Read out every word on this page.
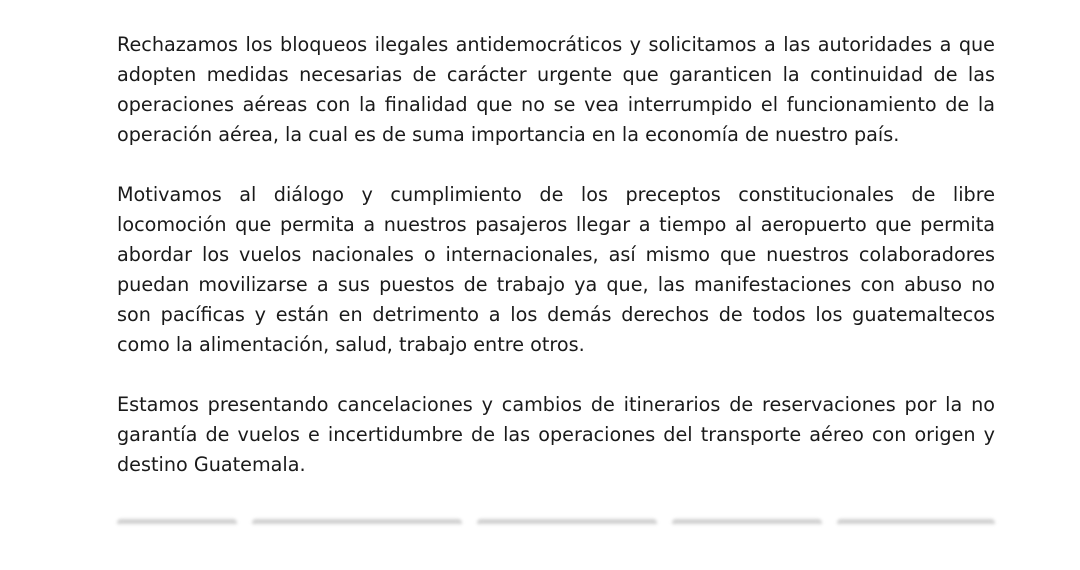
Rechazamos los bloqueos ilegales antidemocráticos y solicitamos a las autoridades a que adopten medidas necesarias de carácter urgente que garanticen la continuidad de las operaciones aéreas con la finalidad que no se vea interrumpido el funcionamiento de la operación aérea, la cual es de suma importancia en la economía de nuestro país.

Motivamos al diálogo y cumplimiento de los preceptos constitucionales de libre locomoción que permita a nuestros pasajeros llegar a tiempo al aeropuerto que permita abordar los vuelos nacionales o internacionales, así mismo que nuestros colaboradores puedan movilizarse a sus puestos de trabajo ya que, las manifestaciones con abuso no son pacíficas y están en detrimento a los demás derechos de todos los guatemaltecos como la alimentación, salud, trabajo entre otros.

Estamos presentando cancelaciones y cambios de itinerarios de reservaciones por la no garantía de vuelos e incertidumbre de las operaciones del transporte aéreo con origen y destino Guatemala.
